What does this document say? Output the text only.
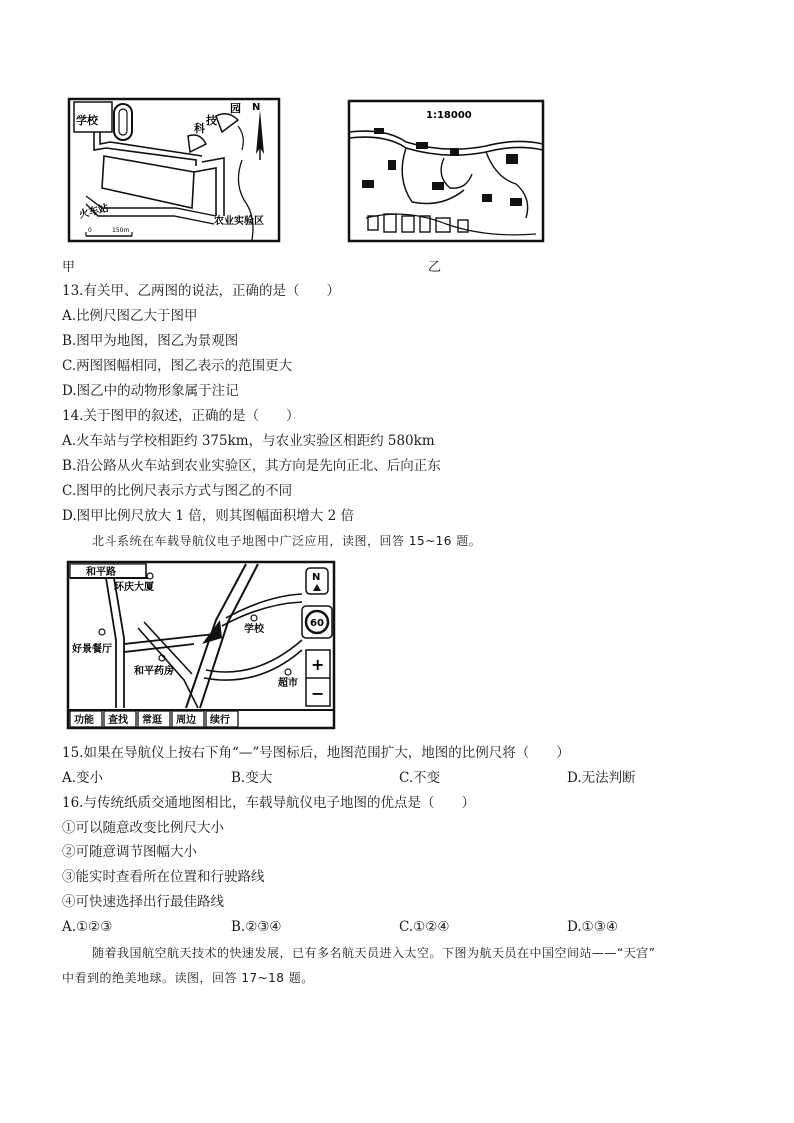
学校
N
科
技
园
火车站
农业实验区
0	150m
甲
1:18000
乙
13.有关甲、乙两图的说法，正确的是（　　）
A.比例尺图乙大于图甲
B.图甲为地图，图乙为景观图
C.两图图幅相同，图乙表示的范围更大
D.图乙中的动物形象属于注记
14.关于图甲的叙述，正确的是（　　）
A.火车站与学校相距约 375km，与农业实验区相距约 580km
B.沿公路从火车站到农业实验区，其方向是先向正北、后向正东
C.图甲的比例尺表示方式与图乙的不同
D.图甲比例尺放大 1 倍，则其图幅面积增大 2 倍
北斗系统在车载导航仪电子地图中广泛应用，读图，回答 15~16 题。
和平路
环庆大厦
学校
好景餐厅
和平药房
超市
N
60
+
−
功能 查找 常逛 周边 续行
15.如果在导航仪上按右下角“—”号图标后，地图范围扩大，地图的比例尺将（　　）
A.变小	B.变大	C.不变	D.无法判断
16.与传统纸质交通地图相比，车载导航仪电子地图的优点是（　　）
①可以随意改变比例尺大小
②可随意调节图幅大小
③能实时查看所在位置和行驶路线
④可快速选择出行最佳路线
A.①②③	B.②③④	C.①②④	D.①③④
随着我国航空航天技术的快速发展，已有多名航天员进入太空。下图为航天员在中国空间站——“天宫”
中看到的绝美地球。读图，回答 17~18 题。
